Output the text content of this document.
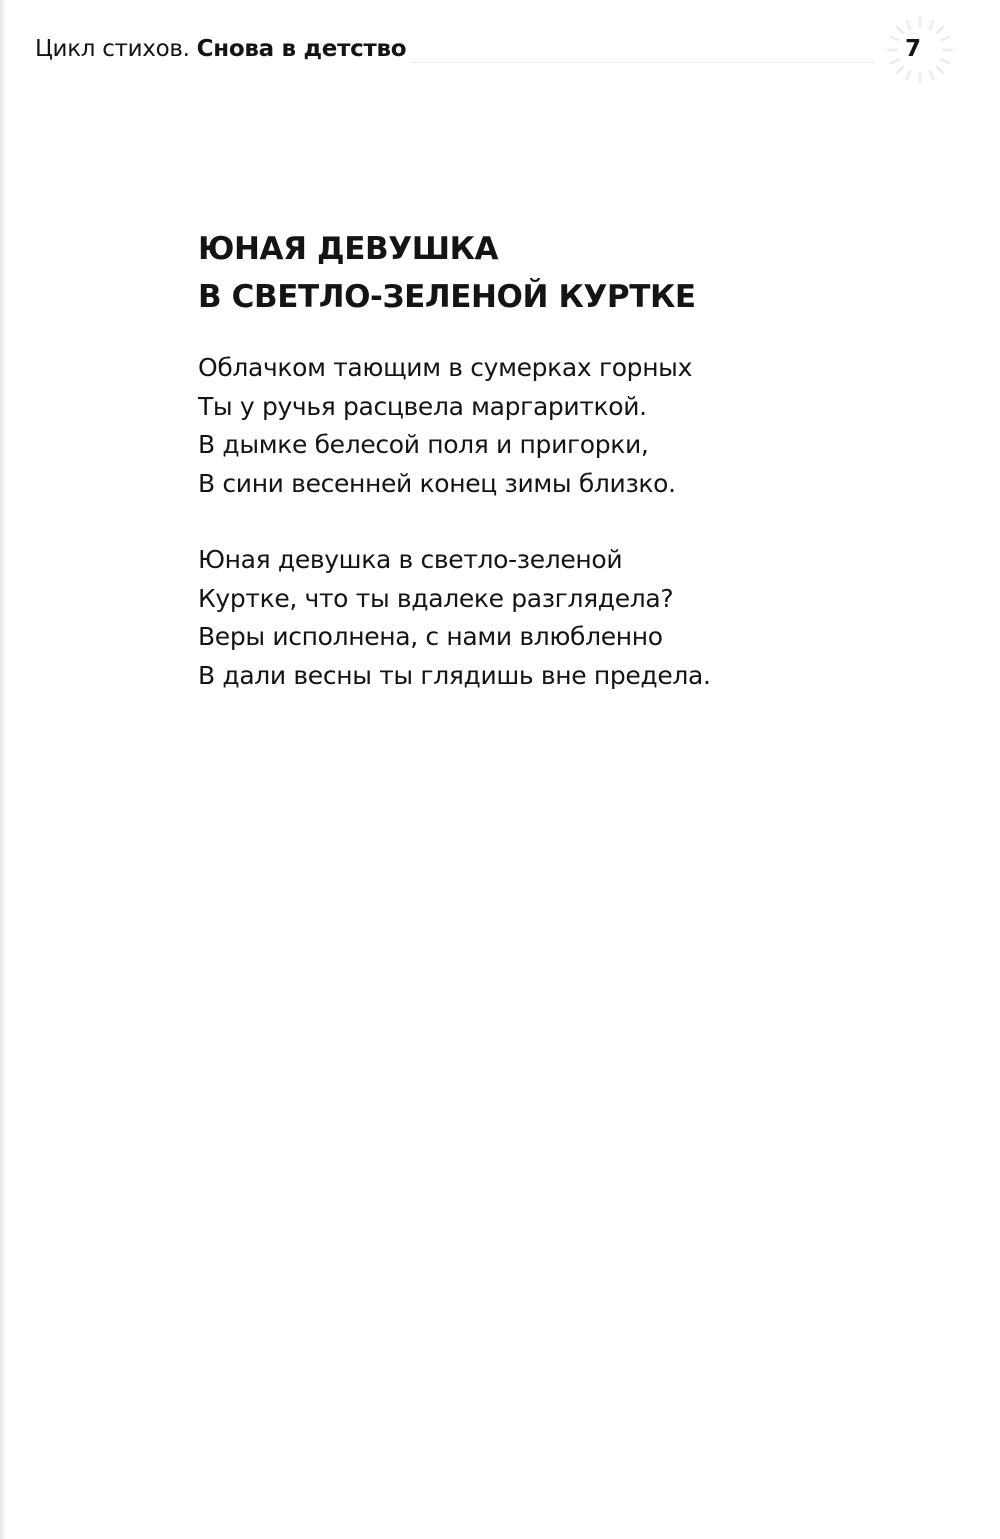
Цикл стихов. Снова в детство	7
ЮНАЯ ДЕВУШКА
В СВЕТЛО-ЗЕЛЕНОЙ КУРТКЕ
Облачком тающим в сумерках горных
Ты у ручья расцвела маргариткой.
В дымке белесой поля и пригорки,
В сини весенней конец зимы близко.
Юная девушка в светло-зеленой
Куртке, что ты вдалеке разглядела?
Веры исполнена, с нами влюбленно
В дали весны ты глядишь вне предела.
